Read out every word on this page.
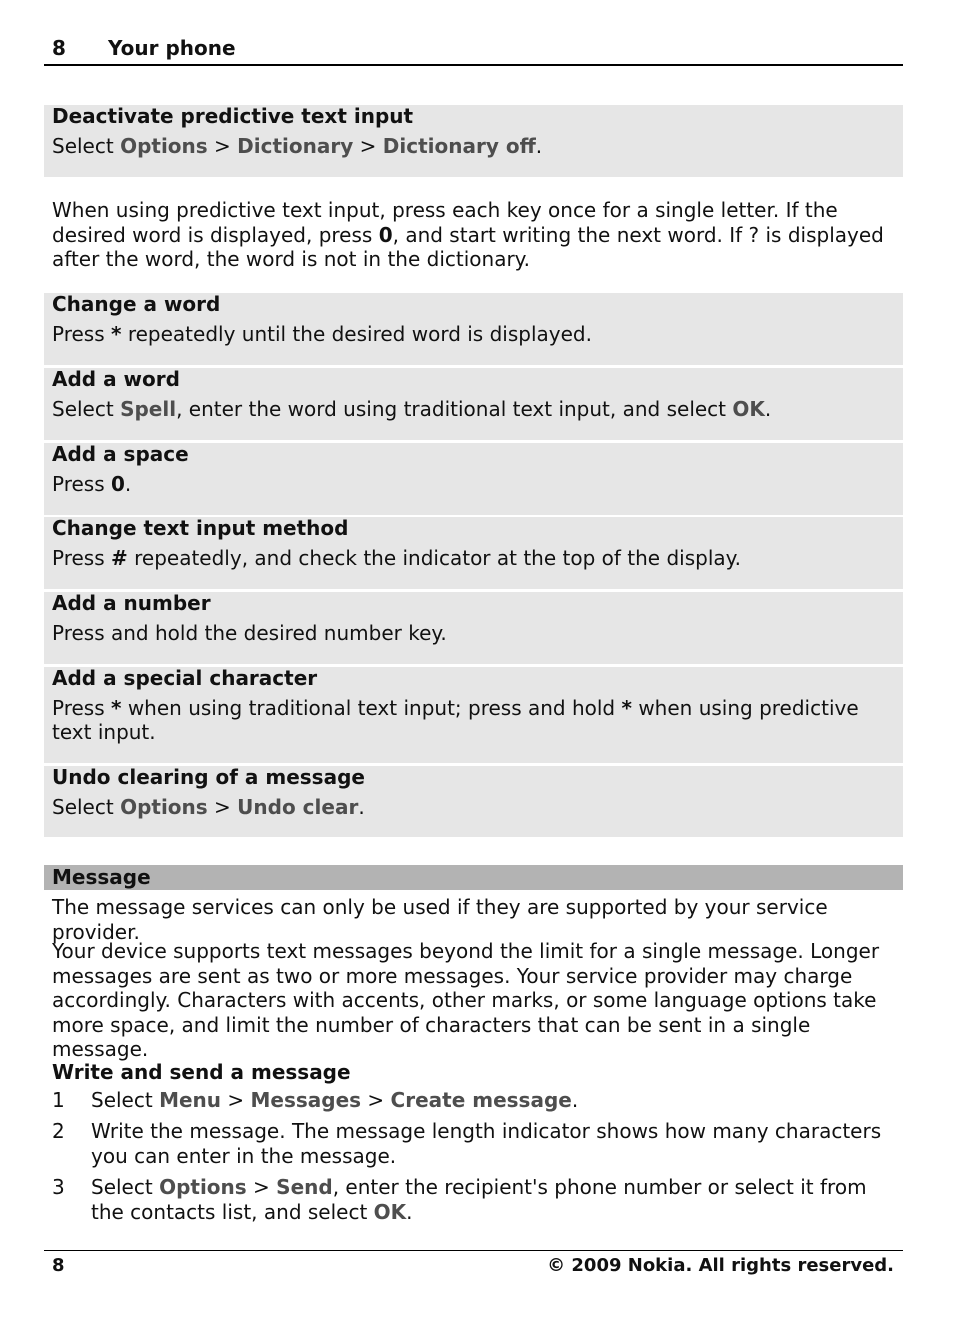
8 Your phone
Deactivate predictive text input
Select Options > Dictionary > Dictionary off.

When using predictive text input, press each key once for a single letter. If the desired word is displayed, press 0, and start writing the next word. If ? is displayed after the word, the word is not in the dictionary.

Change a word
Press * repeatedly until the desired word is displayed.
Add a word
Select Spell, enter the word using traditional text input, and select OK.
Add a space
Press 0.
Change text input method
Press # repeatedly, and check the indicator at the top of the display.
Add a number
Press and hold the desired number key.
Add a special character
Press * when using traditional text input; press and hold * when using predictive text input.
Undo clearing of a message
Select Options > Undo clear.
Message

The message services can only be used if they are supported by your service provider.

Your device supports text messages beyond the limit for a single message. Longer messages are sent as two or more messages. Your service provider may charge accordingly. Characters with accents, other marks, or some language options take more space, and limit the number of characters that can be sent in a single message.

Write and send a message
1 Select Menu > Messages > Create message.
2 Write the message. The message length indicator shows how many characters you can enter in the message.
3 Select Options > Send, enter the recipient's phone number or select it from the contacts list, and select OK.
8	© 2009 Nokia. All rights reserved.
